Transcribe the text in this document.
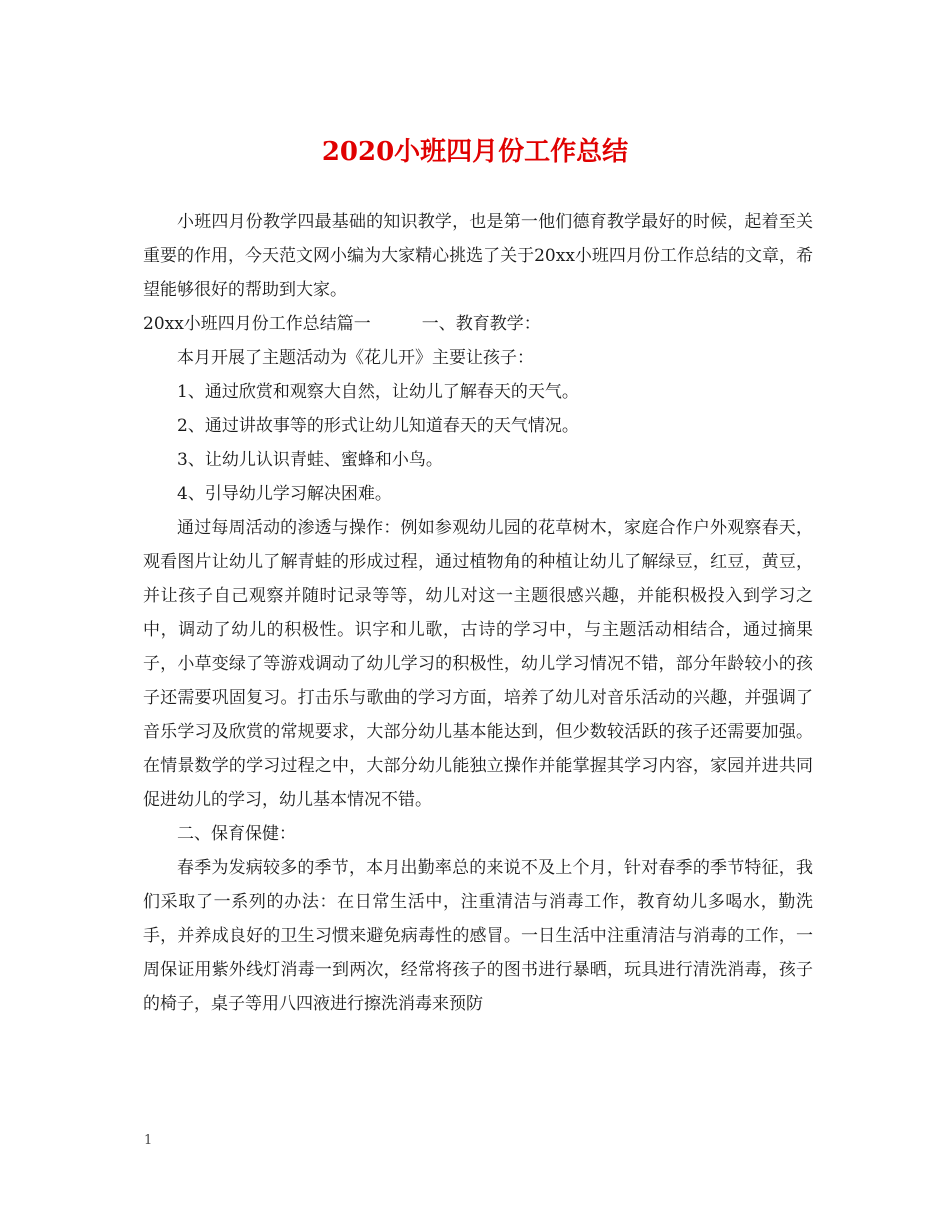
2020小班四月份工作总结

小班四月份教学四最基础的知识教学，也是第一他们德育教学最好的时候，起着至关重要的作用，今天范文网小编为大家精心挑选了关于20xx小班四月份工作总结的文章，希望能够很好的帮助到大家。

20xx小班四月份工作总结篇一　　　一、教育教学：

本月开展了主题活动为《花儿开》主要让孩子：

1、通过欣赏和观察大自然，让幼儿了解春天的天气。

2、通过讲故事等的形式让幼儿知道春天的天气情况。

3、让幼儿认识青蛙、蜜蜂和小鸟。

4、引导幼儿学习解决困难。

通过每周活动的渗透与操作：例如参观幼儿园的花草树木，家庭合作户外观察春天，观看图片让幼儿了解青蛙的形成过程，通过植物角的种植让幼儿了解绿豆，红豆，黄豆，并让孩子自己观察并随时记录等等，幼儿对这一主题很感兴趣，并能积极投入到学习之中，调动了幼儿的积极性。识字和儿歌，古诗的学习中，与主题活动相结合，通过摘果子，小草变绿了等游戏调动了幼儿学习的积极性，幼儿学习情况不错，部分年龄较小的孩子还需要巩固复习。打击乐与歌曲的学习方面，培养了幼儿对音乐活动的兴趣，并强调了音乐学习及欣赏的常规要求，大部分幼儿基本能达到，但少数较活跃的孩子还需要加强。在情景数学的学习过程之中，大部分幼儿能独立操作并能掌握其学习内容，家园并进共同促进幼儿的学习，幼儿基本情况不错。

二、保育保健：

春季为发病较多的季节，本月出勤率总的来说不及上个月，针对春季的季节特征，我们采取了一系列的办法：在日常生活中，注重清洁与消毒工作，教育幼儿多喝水，勤洗手，并养成良好的卫生习惯来避免病毒性的感冒。一日生活中注重清洁与消毒的工作，一周保证用紫外线灯消毒一到两次，经常将孩子的图书进行暴晒，玩具进行清洗消毒，孩子的椅子，桌子等用八四液进行擦洗消毒来预防

1
